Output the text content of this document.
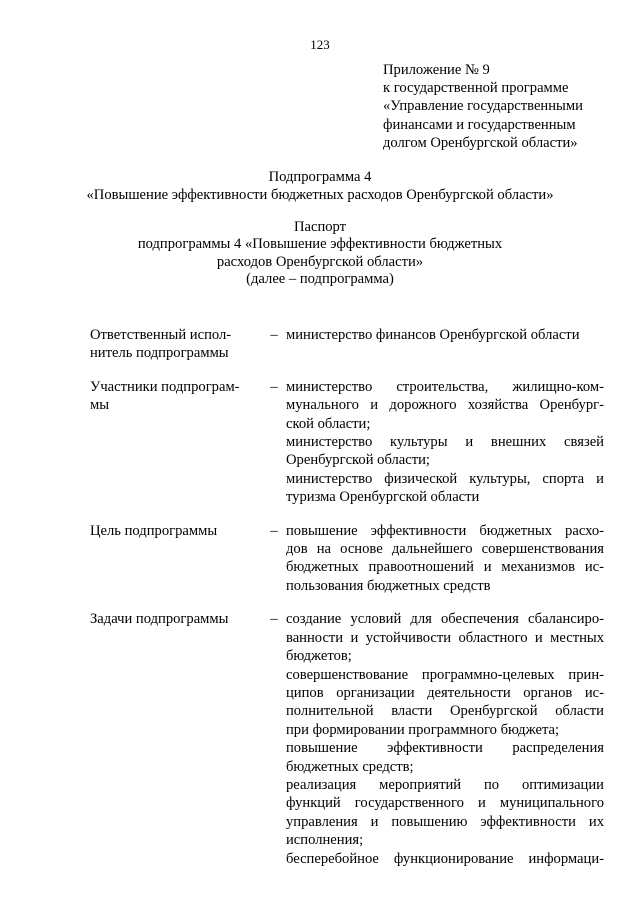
123
Приложение № 9
к государственной программе
«Управление государственными
финансами и государственным
долгом Оренбургской области»
Подпрограмма 4
«Повышение эффективности бюджетных расходов Оренбургской области»
Паспорт
подпрограммы 4 «Повышение эффективности бюджетных
расходов Оренбургской области»
(далее – подпрограмма)
Ответственный испол-
нитель подпрограммы
– министерство финансов Оренбургской области
Участники подпрограм-
мы
– министерство строительства, жилищно-ком-
мунального и дорожного хозяйства Оренбург-
ской области;
министерство культуры и внешних связей
Оренбургской области;
министерство физической культуры, спорта и
туризма Оренбургской области
Цель подпрограммы	– повышение эффективности бюджетных расхо-
дов на основе дальнейшего совершенствования
бюджетных правоотношений и механизмов ис-
пользования бюджетных средств
Задачи подпрограммы	– создание условий для обеспечения сбалансиро-
ванности и устойчивости областного и местных
бюджетов;
совершенствование программно-целевых прин-
ципов организации деятельности органов ис-
полнительной власти Оренбургской области
при формировании программного бюджета;
повышение эффективности распределения
бюджетных средств;
реализация мероприятий по оптимизации
функций государственного и муниципального
управления и повышению эффективности их
исполнения;
бесперебойное функционирование информаци-
